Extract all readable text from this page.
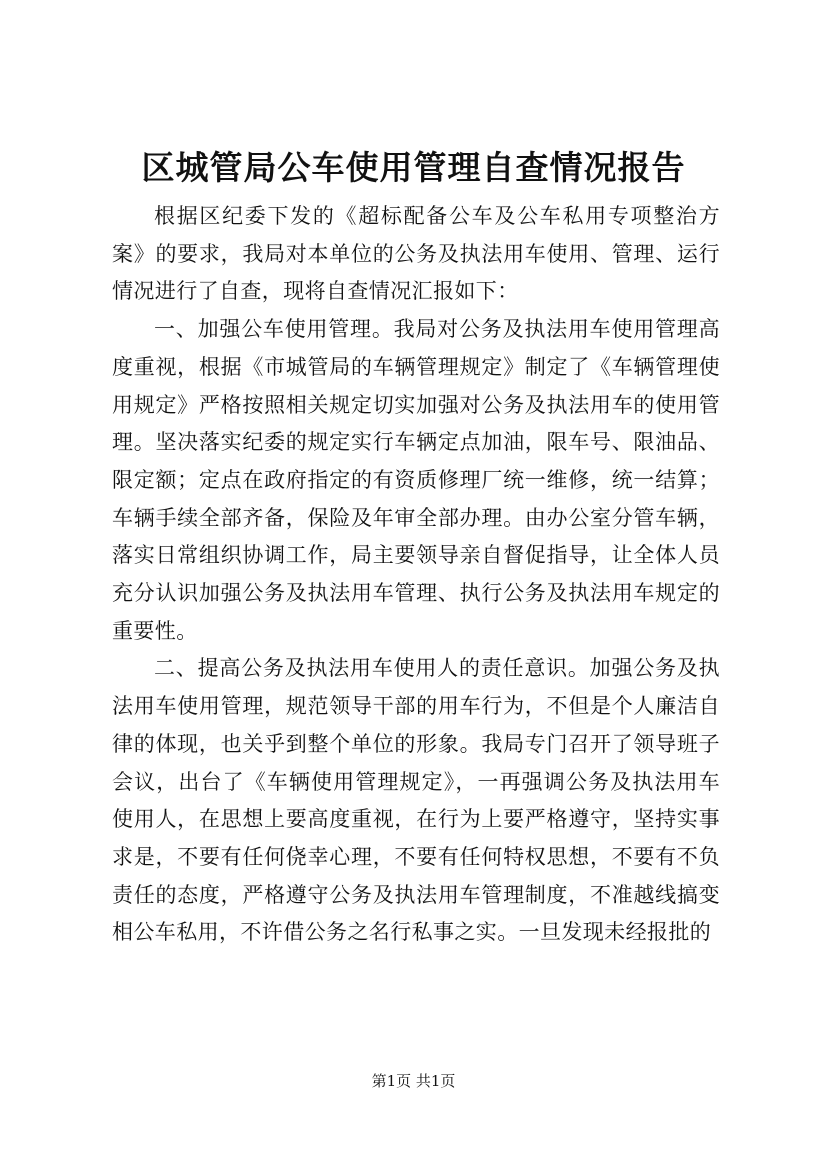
区城管局公车使用管理自查情况报告

根据区纪委下发的《超标配备公车及公车私用专项整治方案》的要求，我局对本单位的公务及执法用车使用、管理、运行情况进行了自查，现将自查情况汇报如下：

一、加强公车使用管理。我局对公务及执法用车使用管理高度重视，根据《市城管局的车辆管理规定》制定了《车辆管理使用规定》严格按照相关规定切实加强对公务及执法用车的使用管理。坚决落实纪委的规定实行车辆定点加油，限车号、限油品、限定额；定点在政府指定的有资质修理厂统一维修，统一结算；车辆手续全部齐备，保险及年审全部办理。由办公室分管车辆，落实日常组织协调工作，局主要领导亲自督促指导，让全体人员充分认识加强公务及执法用车管理、执行公务及执法用车规定的重要性。

二、提高公务及执法用车使用人的责任意识。加强公务及执法用车使用管理，规范领导干部的用车行为，不但是个人廉洁自律的体现，也关乎到整个单位的形象。我局专门召开了领导班子会议，出台了《车辆使用管理规定》，一再强调公务及执法用车使用人，在思想上要高度重视，在行为上要严格遵守，坚持实事求是，不要有任何侥幸心理，不要有任何特权思想，不要有不负责任的态度，严格遵守公务及执法用车管理制度，不准越线搞变相公车私用，不许借公务之名行私事之实。一旦发现未经报批的

第1页 共1页
